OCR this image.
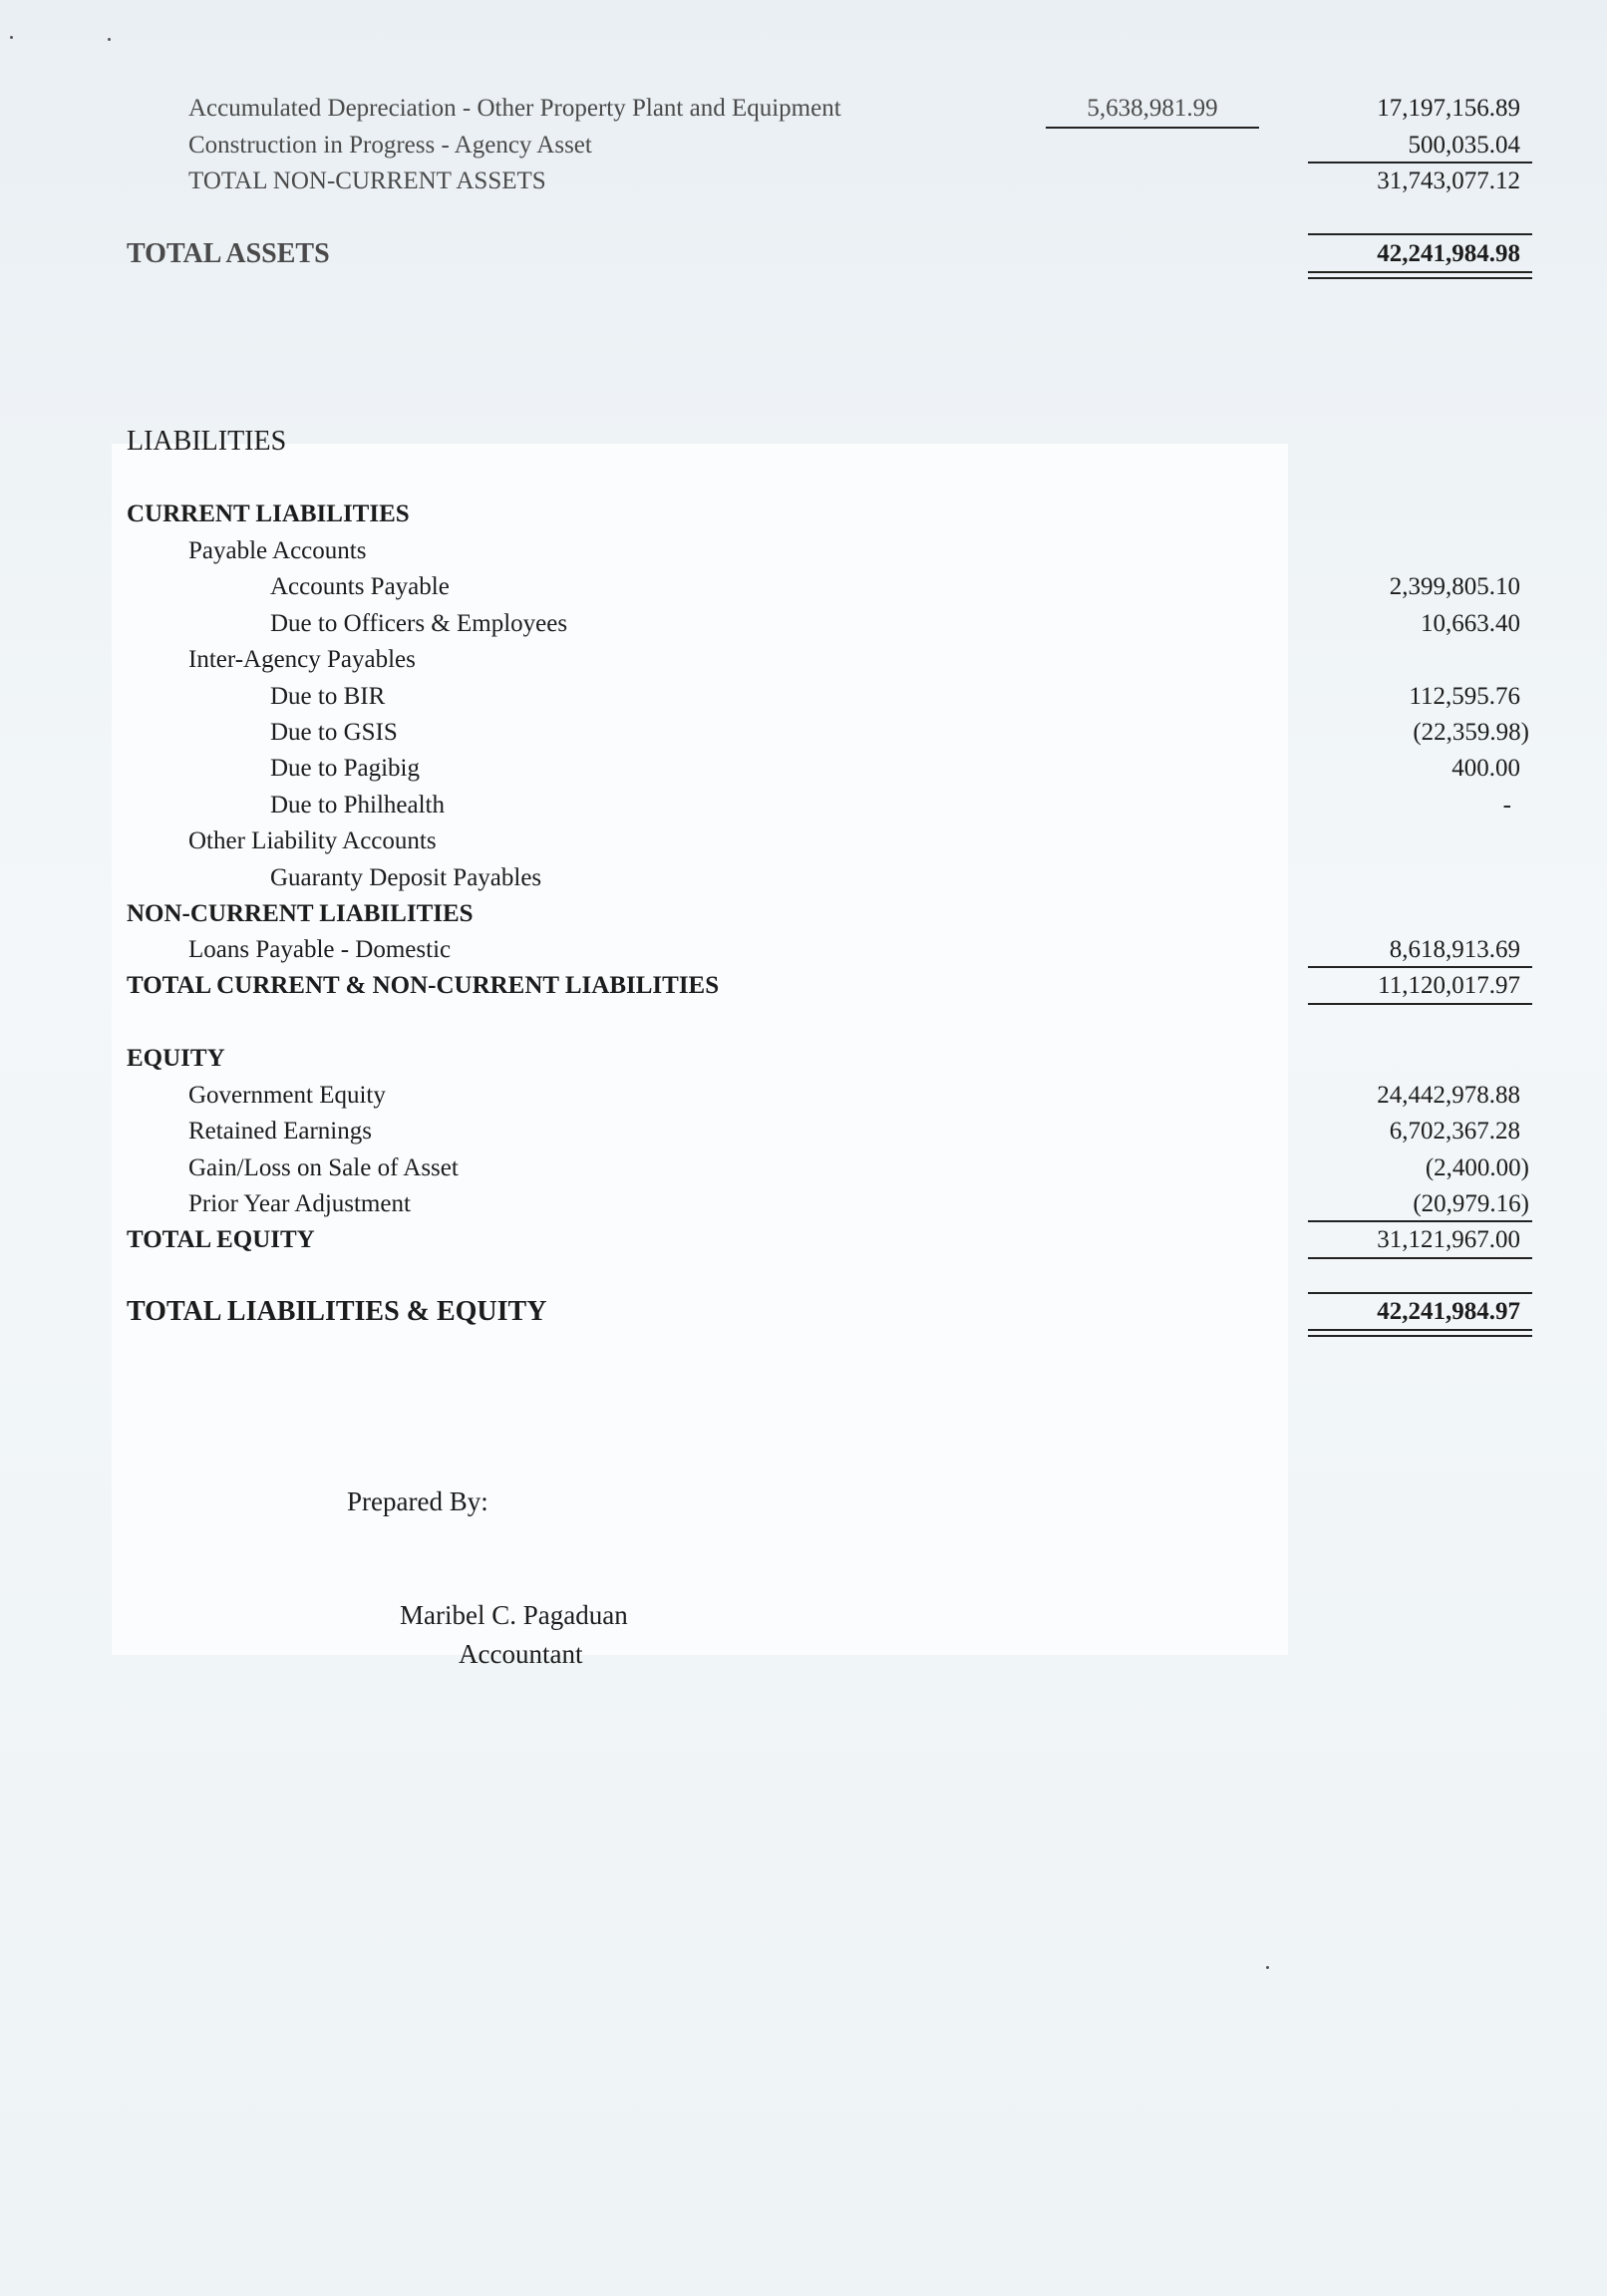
Accumulated Depreciation - Other Property Plant and Equipment	5,638,981.99	17,197,156.89
Construction in Progress - Agency Asset	500,035.04
TOTAL NON-CURRENT ASSETS	31,743,077.12
TOTAL ASSETS	42,241,984.98
LIABILITIES
CURRENT LIABILITIES
Payable Accounts
Accounts Payable	2,399,805.10
Due to Officers & Employees	10,663.40
Inter-Agency Payables
Due to BIR	112,595.76
Due to GSIS	(22,359.98)
Due to Pagibig	400.00
Due to Philhealth	-
Other Liability Accounts
Guaranty Deposit Payables
NON-CURRENT LIABILITIES
Loans Payable - Domestic	8,618,913.69
TOTAL CURRENT & NON-CURRENT LIABILITIES	11,120,017.97
EQUITY
Government Equity	24,442,978.88
Retained Earnings	6,702,367.28
Gain/Loss on Sale of Asset	(2,400.00)
Prior Year Adjustment	(20,979.16)
TOTAL EQUITY	31,121,967.00
TOTAL LIABILITIES & EQUITY	42,241,984.97
Prepared By:
Maribel C. Pagaduan
Accountant
